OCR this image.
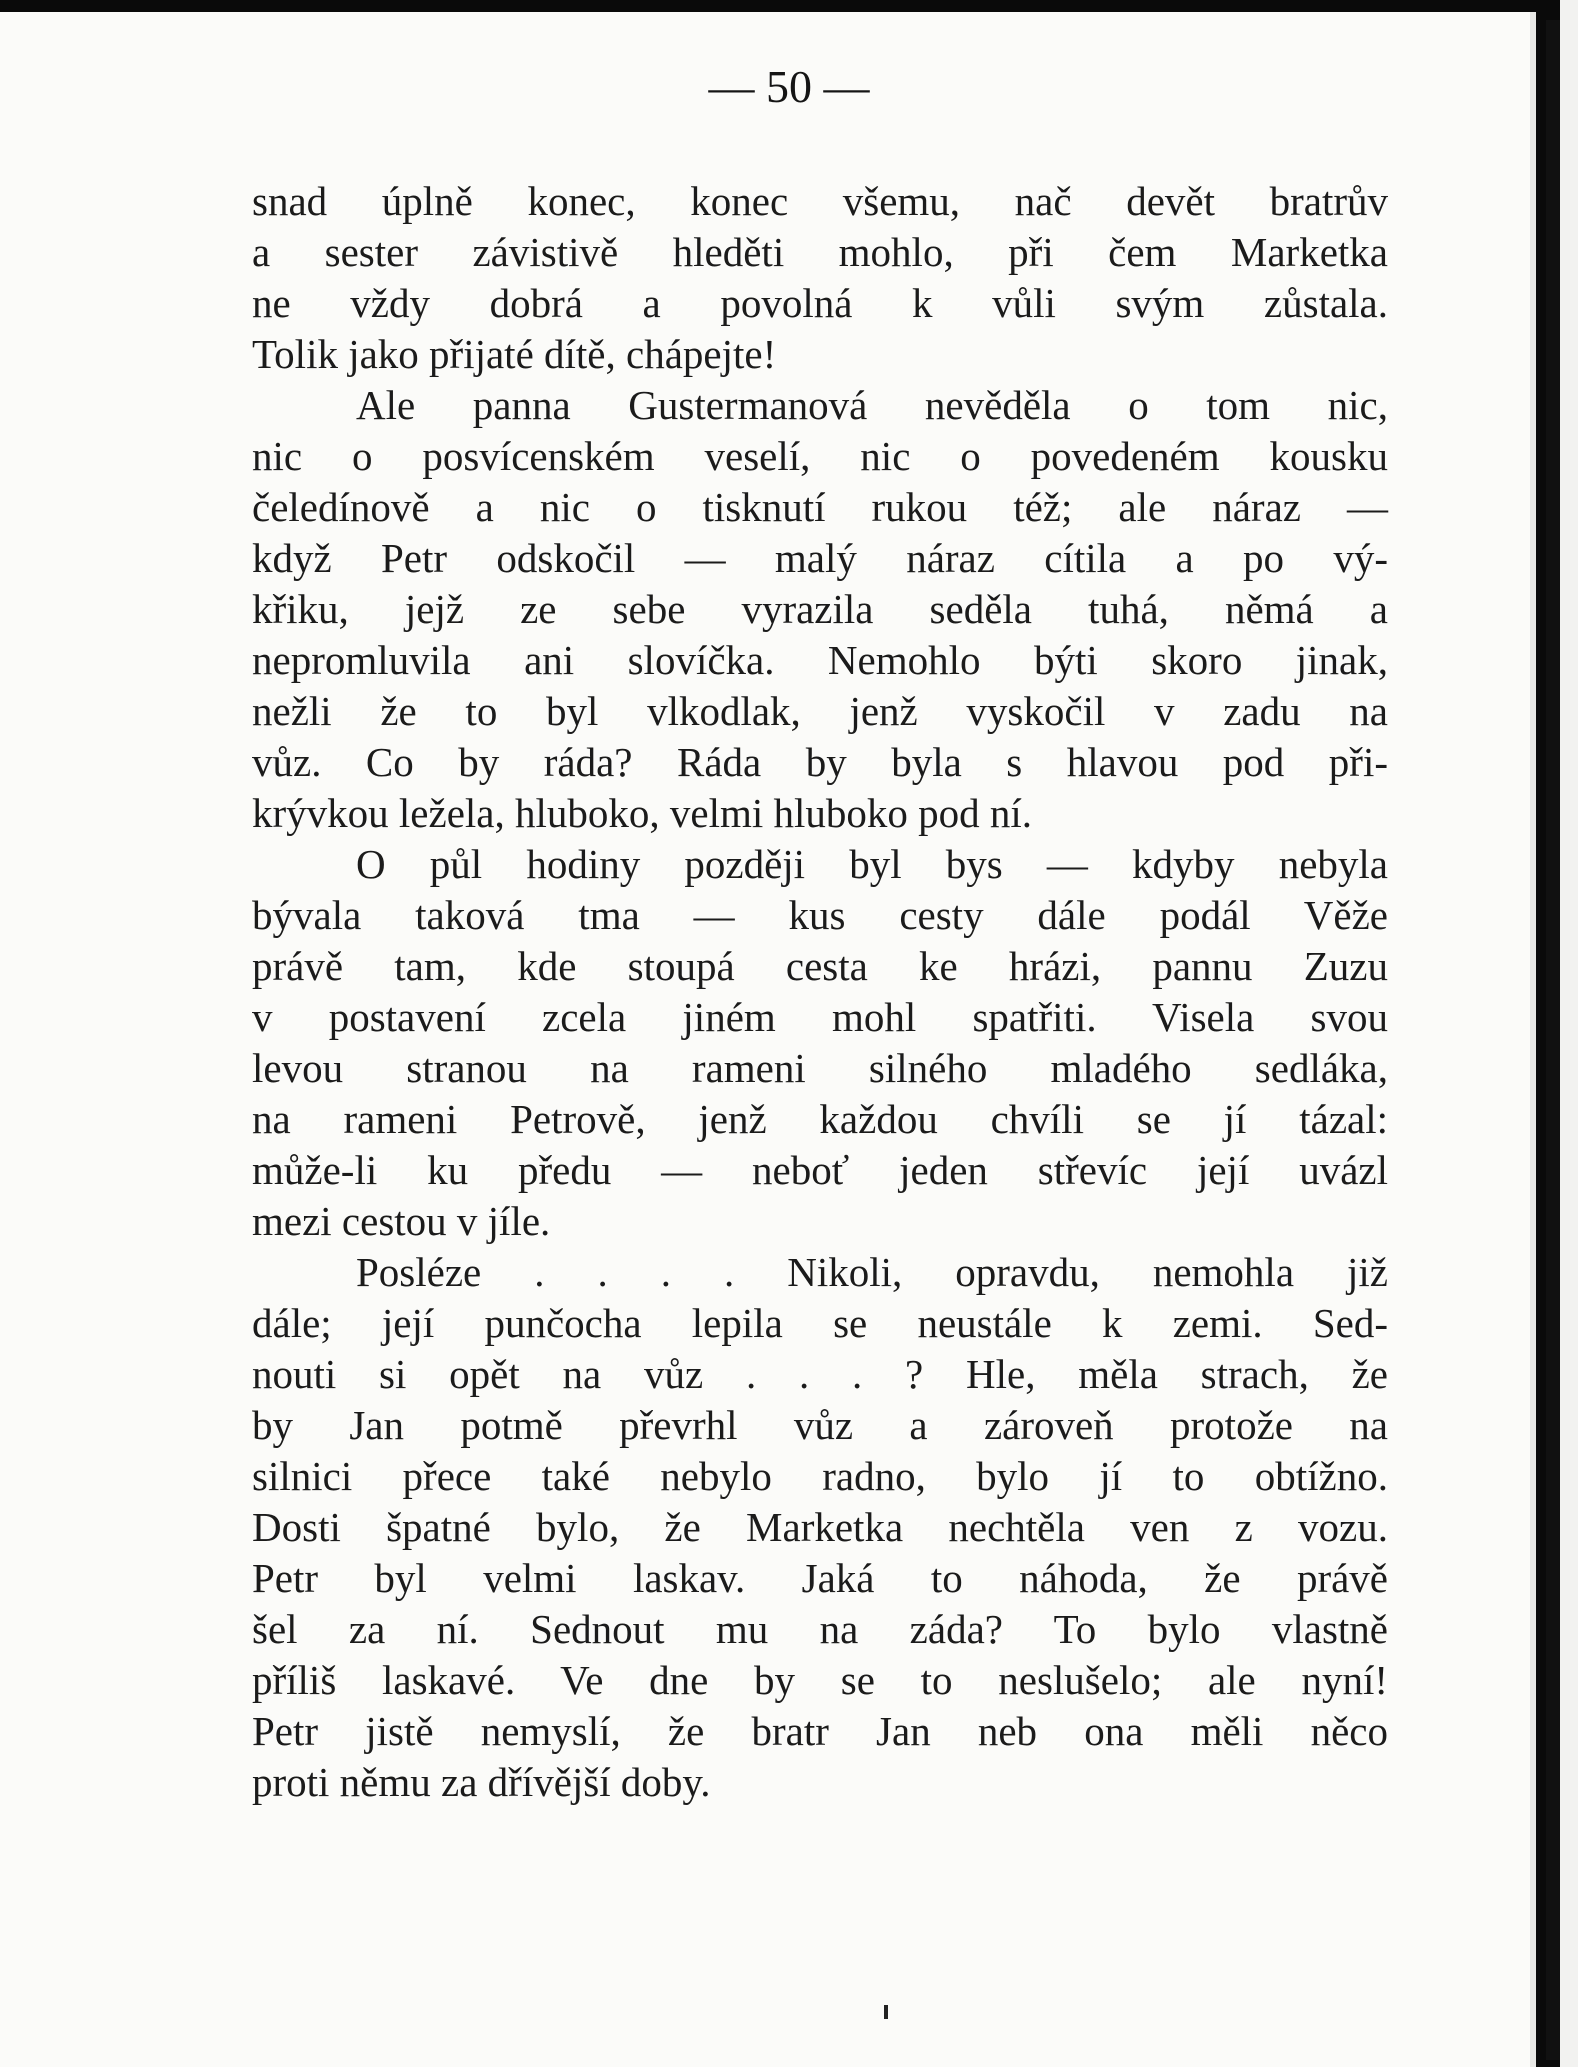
— 50 —
snad úplně konec, konec všemu, nač devět bratrův
a sester závistivě hleděti mohlo, při čem Marketka
ne vždy dobrá a povolná k vůli svým zůstala.
Tolik jako přijaté dítě, chápejte!
Ale panna Gustermanová nevěděla o tom nic,
nic o posvícenském veselí, nic o povedeném kousku
čeledínově a nic o tisknutí rukou též; ale náraz —
když Petr odskočil — malý náraz cítila a po vý-
křiku, jejž ze sebe vyrazila seděla tuhá, němá a
nepromluvila ani slovíčka. Nemohlo býti skoro jinak,
nežli že to byl vlkodlak, jenž vyskočil v zadu na
vůz. Co by ráda? Ráda by byla s hlavou pod při-
krývkou ležela, hluboko, velmi hluboko pod ní.
O půl hodiny později byl bys — kdyby nebyla
bývala taková tma — kus cesty dále podál Věže
právě tam, kde stoupá cesta ke hrázi, pannu Zuzu
v postavení zcela jiném mohl spatřiti. Visela svou
levou stranou na rameni silného mladého sedláka,
na rameni Petrově, jenž každou chvíli se jí tázal:
může-li ku předu — neboť jeden střevíc její uvázl
mezi cestou v jíle.
Posléze . . . . Nikoli, opravdu, nemohla již
dále; její punčocha lepila se neustále k zemi. Sed-
nouti si opět na vůz . . . ? Hle, měla strach, že
by Jan potmě převrhl vůz a zároveň protože na
silnici přece také nebylo radno, bylo jí to obtížno.
Dosti špatné bylo, že Marketka nechtěla ven z vozu.
Petr byl velmi laskav. Jaká to náhoda, že právě
šel za ní. Sednout mu na záda? To bylo vlastně
příliš laskavé. Ve dne by se to neslušelo; ale nyní!
Petr jistě nemyslí, že bratr Jan neb ona měli něco
proti němu za dřívější doby.
